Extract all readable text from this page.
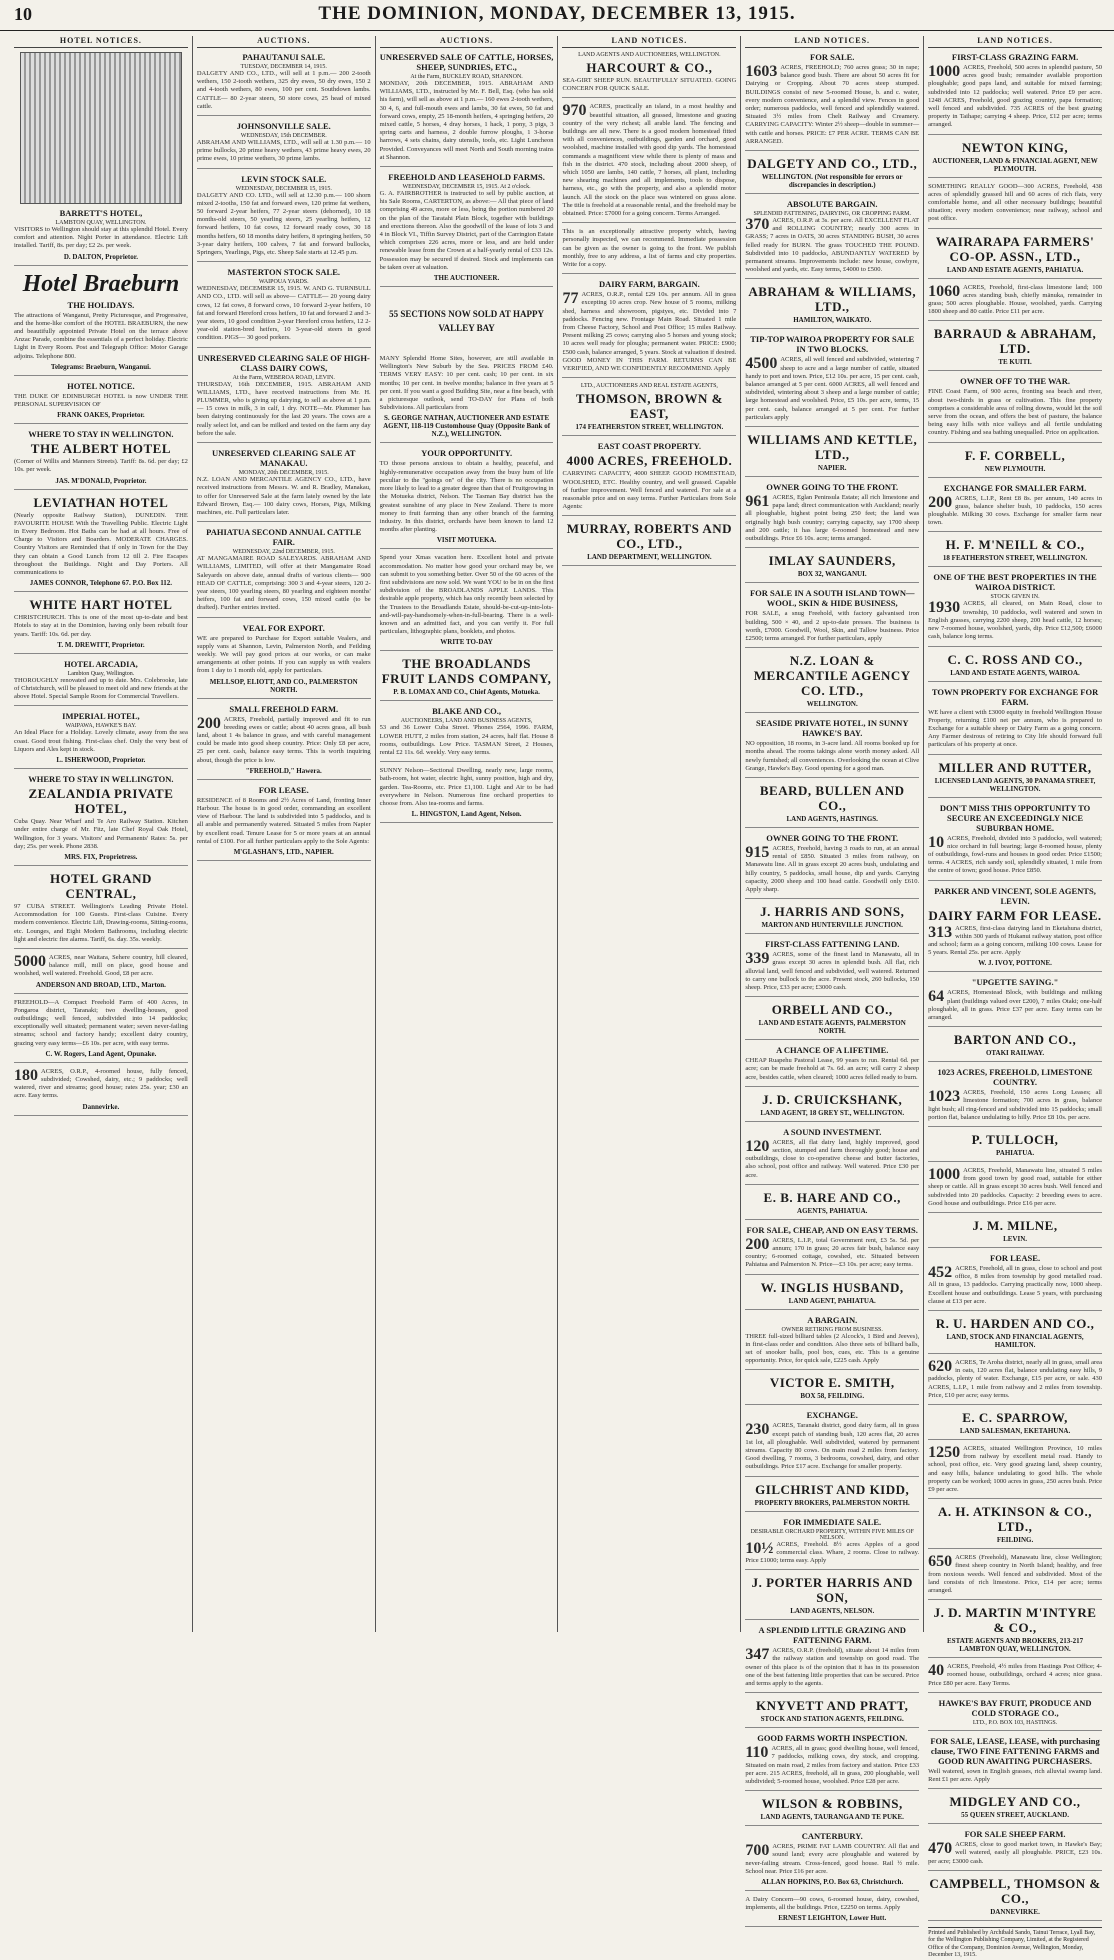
10	THE DOMINION, MONDAY, DECEMBER 13, 1915.
HOTEL NOTICES.
BARRETT'S HOTEL,
LAMBTON QUAY, WELLINGTON.
VISITORS to Wellington should stay at this splendid Hotel. Every comfort and attention. Night Porter in attendance. Electric Lift installed. Tariff, 8s. per day; £2 2s. per week.
D. DALTON, Proprietor.
Hotel Braeburn
THE HOLIDAYS.
The attractions of Wanganui, Pretty Picturesque, and Progressive, and the home-like comfort of the HOTEL BRAEBURN, the new and beautifully appointed Private Hotel on the terrace above Anzac Parade, combine the essentials of a perfect holiday. Electric Light in Every Room. Post and Telegraph Office: Motor Garage adjoins. Telephone 800.
Telegrams: Braeburn, Wanganui.
HOTEL NOTICE.
THE DUKE OF EDINBURGH HOTEL is now UNDER THE PERSONAL SUPERVISION OF
FRANK OAKES, Proprietor.
WHERE TO STAY IN WELLINGTON.
THE ALBERT HOTEL
(Corner of Willis and Manners Streets). Tariff: 8s. 6d. per day; £2 10s. per week.
JAS. M'DONALD, Proprietor.
LEVIATHAN HOTEL
(Nearly opposite Railway Station), DUNEDIN. THE FAVOURITE HOUSE With the Travelling Public. Electric Light in Every Bedroom. Hot Baths can be had at all hours. Free of Charge to Visitors and Boarders. MODERATE CHARGES. Country Visitors are Reminded that if only in Town for the Day they can obtain a Good Lunch from 12 till 2. Fire Escapes throughout the Buildings. Night and Day Porters. All communications to
JAMES CONNOR, Telephone 67. P.O. Box 112.
WHITE HART HOTEL
CHRISTCHURCH. This is one of the most up-to-date and best Hotels to stay at in the Dominion, having only been rebuilt four years. Tariff: 10s. 6d. per day.
T. M. DREWITT, Proprietor.
HOTEL ARCADIA,
Lambton Quay, Wellington.
THOROUGHLY renovated and up to date. Mrs. Colebrooke, late of Christchurch, will be pleased to meet old and new friends at the above Hotel. Special Sample Room for Commercial Travellers.
IMPERIAL HOTEL,
WAIPAWA, HAWKE'S BAY.
An Ideal Place for a Holiday. Lovely climate, away from the sea coast. Good trout fishing. First-class chef. Only the very best of Liquors and Ales kept in stock.
L. ISHERWOOD, Proprietor.
WHERE TO STAY IN WELLINGTON.
ZEALANDIA PRIVATE HOTEL,
Cuba Quay. Near Wharf and Te Aro Railway Station. Kitchen under entire charge of Mr. Fitz, late Chef Royal Oak Hotel, Wellington, for 3 years. Visitors' and Permanents' Rates: 5s. per day; 25s. per week. Phone 2838.
MRS. FIX, Proprietress.
HOTEL GRAND CENTRAL,
97 CUBA STREET. Wellington's Leading Private Hotel. Accommodation for 100 Guests. First-class Cuisine. Every modern convenience. Electric Lift, Drawing-rooms, Sitting-rooms, etc. Lounges, and Eight Modern Bathrooms, including electric light and electric fire alarms. Tariff, 6s. day. 35s. weekly.
5000 ACRES, near Waitara, Sehere country, hill cleared, balance mill, mill on place, good house and woolshed, well watered. Freehold. Good, £8 per acre.
ANDERSON AND BROAD, LTD., Marton.
FREEHOLD—A Compact Freehold Farm of 400 Acres, in Pongaroa district, Taranaki; two dwelling-houses, good outbuildings; well fenced, subdivided into 14 paddocks; exceptionally well situated; permanent water; seven never-failing streams; school and factory handy; excellent dairy country, grazing very easy terms—£6 10s. per acre, with easy terms.
C. W. Rogers, Land Agent, Opunake.
180 ACRES, O.R.P., 4-roomed house, fully fenced, subdivided; Cowshed, dairy, etc.; 9 paddocks; well watered, river and streams; good house; rates 25s. year; £30 an acre. Easy terms.
Dannevirke.
AUCTIONS.
PAHAUTANUI SALE.
TUESDAY, DECEMBER 14, 1915.
DALGETY AND CO., LTD., will sell at 1 p.m.— 200 2-tooth wethers, 150 2-tooth wethers, 325 dry ewes, 50 dry ewes, 150 2 and 4-tooth wethers, 80 ewes, 100 per cent. Southdown lambs. CATTLE— 80 2-year steers, 50 store cows, 25 head of mixed cattle.
JOHNSONVILLE SALE.
WEDNESDAY, 15th DECEMBER.
ABRAHAM AND WILLIAMS, LTD., will sell at 1.30 p.m.— 10 prime bullocks, 20 prime heavy wethers, 43 prime heavy ewes, 20 prime ewes, 10 prime wethers, 30 prime lambs.
LEVIN STOCK SALE.
WEDNESDAY, DECEMBER 15, 1915.
DALGETY AND CO. LTD., will sell at 12.30 p.m.— 100 shorn mixed 2-tooths, 150 fat and forward ewes, 120 prime fat wethers, 50 forward 2-year heifers, 77 2-year steers (dehorned), 10 18 months-old steers, 50 yearling steers, 25 yearling heifers, 12 forward heifers, 10 fat cows, 12 forward ready cows, 30 18 months heifers, 60 18 months dairy heifers, 8 springing heifers, 50 3-year dairy heifers, 100 calves, 7 fat and forward bullocks, Springers, Yearlings, Pigs, etc. Sheep Sale starts at 12.45 p.m.
MASTERTON STOCK SALE.
WAIPOUA YARDS.
WEDNESDAY, DECEMBER 15, 1915. W. AND G. TURNBULL AND CO., LTD. will sell as above— CATTLE— 20 young dairy cows, 12 fat cows, 8 forward cows, 10 forward 2-year heifers, 10 fat and forward Hereford cross heifers, 10 fat and forward 2 and 3-year steers, 10 good condition 2-year Hereford cross heifers, 12 2-year-old station-bred heifers, 10 3-year-old steers in good condition. PIGS— 30 good porkers.
UNRESERVED CLEARING SALE OF HIGH-CLASS DAIRY COWS,
At the Farm, WEBEROA ROAD, LEVIN.
THURSDAY, 16th DECEMBER, 1915. ABRAHAM AND WILLIAMS, LTD., have received instructions from Mr. H. PLUMMER, who is giving up dairying, to sell as above at 1 p.m.— 15 cows in milk, 3 in calf, 1 dry. NOTE—Mr. Plummer has been dairying continuously for the last 20 years. The cows are a really select lot, and can be milked and tested on the farm any day before the sale.
UNRESERVED CLEARING SALE AT MANAKAU.
MONDAY, 20th DECEMBER, 1915.
N.Z. LOAN AND MERCANTILE AGENCY CO., LTD., have received instructions from Messrs. W. and R. Bradley, Manakau, to offer for Unreserved Sale at the farm lately owned by the late Edward Brown, Esq.— 100 dairy cows, Horses, Pigs, Milking machines, etc. Full particulars later.
PAHIATUA SECOND ANNUAL CATTLE FAIR.
WEDNESDAY, 22nd DECEMBER, 1915.
AT MANGAMAIRE ROAD SALEYARDS. ABRAHAM AND WILLIAMS, LIMITED, will offer at their Mangamaire Road Saleyards on above date, annual drafts of various clients— 900 HEAD OF CATTLE, comprising: 300 3 and 4-year steers, 120 2-year steers, 100 yearling steers, 80 yearling and eighteen months' heifers, 100 fat and forward cows, 150 mixed cattle (to be drafted). Further entries invited.
VEAL FOR EXPORT.
WE are prepared to Purchase for Export suitable Vealers, and supply vans at Shannon, Levin, Palmerston North, and Feilding weekly. We will pay good prices at our works, or can make arrangements at other points. If you can supply us with vealers from 1 day to 1 month old, apply for particulars.
MELLSOP, ELIOTT, AND CO., PALMERSTON NORTH.
SMALL FREEHOLD FARM.
200 ACRES, Freehold, partially improved and fit to run breeding ewes or cattle; about 40 acres grass, all bush land, about 1 4s balance in grass, and with careful management could be made into good sheep country. Price: Only £8 per acre, 25 per cent. cash, balance easy terms. This is worth inquiring about, though the price is low.
"FREEHOLD," Hawera.
FOR LEASE.
RESIDENCE of 8 Rooms and 2½ Acres of Land, fronting Inner Harbour. The house is in good order, commanding an excellent view of Harbour. The land is subdivided into 5 paddocks, and is all arable and permanently watered. Situated 5 miles from Napier by excellent road. Tenure Lease for 5 or more years at an annual rental of £100. For all further particulars apply to the Sole Agents:
M'GLASHAN'S, LTD., NAPIER.
AUCTIONS.
UNRESERVED SALE OF CATTLE, HORSES, SHEEP, SUNDRIES, ETC.,
At the Farm, BUCKLEY ROAD, SHANNON.
MONDAY, 20th DECEMBER, 1915. ABRAHAM AND WILLIAMS, LTD., instructed by Mr. F. Bell, Esq. (who has sold his farm), will sell as above at 1 p.m.— 160 ewes 2-tooth wethers, 30 4, 6, and full-mouth ewes and lambs, 30 fat ewes, 50 fat and forward cows, empty, 25 18-month heifers, 4 springing heifers, 20 mixed cattle, 5 horses, 4 dray horses, 1 hack, 1 pony, 3 pigs, 3 spring carts and harness, 2 double furrow ploughs, 1 3-horse harrows, 4 sets chains, dairy utensils, tools, etc. Light Luncheon Provided. Conveyances will meet North and South morning trains at Shannon.
FREEHOLD AND LEASEHOLD FARMS.
WEDNESDAY, DECEMBER 15, 1915. At 2 o'clock.
G. A. FAIRBROTHER is instructed to sell by public auction, at his Sale Rooms, CARTERTON, as above:— All that piece of land comprising 49 acres, more or less, being the portion numbered 20 on the plan of the Taratahi Plain Block, together with buildings and erections thereon. Also the goodwill of the lease of lots 3 and 4 in Block VI., Tiffin Survey District, part of the Carrington Estate which comprises 226 acres, more or less, and are held under renewable lease from the Crown at a half-yearly rental of £33 12s. Possession may be secured if desired. Stock and implements can be taken over at valuation.
THE AUCTIONEER.
55 SECTIONS NOW SOLD AT HAPPY VALLEY BAY
MANY Splendid Home Sites, however, are still available in Wellington's New Suburb by the Sea. PRICES FROM £40. TERMS VERY EASY: 10 per cent. cash; 10 per cent. in six months; 10 per cent. in twelve months; balance in five years at 5 per cent. If you want a good Building Site, near a fine beach, with a picturesque outlook, send TO-DAY for Plans of both Subdivisions. All particulars from
S. GEORGE NATHAN, AUCTIONEER AND ESTATE AGENT, 118-119 Customhouse Quay (Opposite Bank of N.Z.), WELLINGTON.
YOUR OPPORTUNITY.
TO those persons anxious to obtain a healthy, peaceful, and highly-remunerative occupation away from the busy hum of life peculiar to the "goings on" of the city. There is no occupation more likely to lead to a greater degree than that of Fruitgrowing in the Motueka district, Nelson. The Tasman Bay district has the greatest sunshine of any place in New Zealand. There is more money to fruit farming than any other branch of the farming industry. In this district, orchards have been known to land 12 months after planting.
VISIT MOTUEKA.
Spend your Xmas vacation here. Excellent hotel and private accommodation. No matter how good your orchard may be, we can submit to you something better. Over 50 of the 60 acres of the first subdivisions are now sold. We want YOU to be in on the first subdivision of the BROADLANDS APPLE LANDS. This desirable apple property, which has only recently been selected by the Trustees to the Broadlands Estate, should-be-cut-up-into-lots-and-will-pay-handsomely-when-in-full-bearing. There is a well-known and an admitted fact, and you can verify it. For full particulars, lithographic plans, booklets, and photos.
WRITE TO-DAY
THE BROADLANDS FRUIT LANDS COMPANY,
P. B. LOMAX AND CO., Chief Agents, Motueka.
BLAKE AND CO.,
AUCTIONEERS, LAND AND BUSINESS AGENTS,
53 and 36 Lower Cuba Street. 'Phones 2564, 1996. FARM, LOWER HUTT, 2 miles from station, 24 acres, half flat. House 8 rooms, outbuildings. Low Price. TASMAN Street, 2 Houses, rental £2 11s. 6d. weekly. Very easy terms.
SUNNY Nelson—Sectional Dwelling, nearly new, large rooms, bath-room, hot water, electric light, sunny position, high and dry, garden. Tea-Rooms, etc. Price £1,100. Light and Air to be had everywhere in Nelson. Numerous fine orchard properties to choose from. Also tea-rooms and farms.
L. HINGSTON, Land Agent, Nelson.
LAND NOTICES.
LAND AGENTS AND AUCTIONEERS, WELLINGTON.
HARCOURT & CO.,
SEA-GIRT SHEEP RUN. BEAUTIFULLY SITUATED. GOING CONCERN FOR QUICK SALE.
970 ACRES, practically an island, in a most healthy and beautiful situation, all grassed, limestone and grazing country of the very richest; all arable land. The fencing and buildings are all new. There is a good modern homestead fitted with all conveniences, outbuildings, garden and orchard, good woolshed, machine installed with good dip yards. The homestead commands a magnificent view while there is plenty of mass and fish in the district. 470 stock, including about 2000 sheep, of which 1050 are lambs, 140 cattle, 7 horses, all plant, including new shearing machines and all implements, tools to dispose, harness, etc., go with the property, and also a splendid motor launch. All the stock on the place was wintered on grass alone. The title is freehold at a reasonable rental, and the freehold may be obtained. Price: £7000 for a going concern. Terms Arranged.
This is an exceptionally attractive property which, having personally inspected, we can recommend. Immediate possession can be given as the owner is going to the front. We publish monthly, free to any address, a list of farms and city properties. Write for a copy.
DAIRY FARM, BARGAIN.
77 ACRES, O.R.P., rental £29 10s. per annum. All in grass excepting 10 acres crop. New house of 5 rooms, milking shed, harness and showroom, pigstyes, etc. Divided into 7 paddocks. Fencing new. Frontage Main Road. Situated 1 mile from Cheese Factory, School and Post Office; 15 miles Railway. Present milking 25 cows; carrying also 5 horses and young stock; 10 acres well ready for ploughs; permanent water. PRICE: £900; £500 cash, balance arranged, 5 years. Stock at valuation if desired. GOOD MONEY IN THIS FARM. RETURNS CAN BE VERIFIED, AND WE CONFIDENTLY RECOMMEND. Apply
LTD., AUCTIONEERS AND REAL ESTATE AGENTS,
THOMSON, BROWN & EAST,
174 FEATHERSTON STREET, WELLINGTON.
EAST COAST PROPERTY.
4000 ACRES, FREEHOLD.
CARRYING CAPACITY, 4000 SHEEP. GOOD HOMESTEAD, WOOLSHED, ETC. Healthy country, and well grassed. Capable of further improvement. Well fenced and watered. For sale at a reasonable price and on easy terms. Further Particulars from Sole Agents:
MURRAY, ROBERTS AND CO., LTD.,
LAND DEPARTMENT, WELLINGTON.
LAND NOTICES.
FOR SALE.
1603 ACRES, FREEHOLD; 760 acres grass; 30 in rape; balance good bush. There are about 50 acres fit for Dairying or Cropping. About 70 acres steep stumped. BUILDINGS consist of new 5-roomed House, b. and c. water, every modern convenience, and a splendid view. Fences in good order; numerous paddocks, well fenced and splendidly watered. Situated 3½ miles from Chelt Railway and Creamery. CARRYING CAPACITY: Winter 2½ sheep—double in summer—with cattle and horses. PRICE: £7 PER ACRE. TERMS CAN BE ARRANGED.
DALGETY AND CO., LTD.,
WELLINGTON. (Not responsible for errors or discrepancies in description.)
ABSOLUTE BARGAIN.
SPLENDID FATTENING, DAIRYING, OR CROPPING FARM.
370 ACRES, O.R.P. at 3s. per acre. All EXCELLENT FLAT and ROLLING COUNTRY; nearly 300 acres in GRASS; 7 acres in OATS, 30 acres STANDING BUSH, 30 acres felled ready for BURN. The grass TOUCHED THE POUND. Subdivided into 10 paddocks, ABUNDANTLY WATERED by permanent streams. Improvements include: new house, cowbyre, woolshed and yards, etc. Easy terms, £4000 to £500.
ABRAHAM & WILLIAMS, LTD.,
HAMILTON, WAIKATO.
TIP-TOP WAIROA PROPERTY FOR SALE IN TWO BLOCKS.
4500 ACRES, all well fenced and subdivided, wintering 7 sheep to acre and a large number of cattle, situated handy to port and town. Price, £12 10s. per acre, 15 per cent. cash, balance arranged at 5 per cent. 6000 ACRES, all well fenced and subdivided, wintering about 3 sheep and a large number of cattle; large homestead and woolshed. Price, £5 10s. per acre, terms, 15 per cent. cash, balance arranged at 5 per cent. For further particulars apply
WILLIAMS AND KETTLE, LTD.,
NAPIER.
OWNER GOING TO THE FRONT.
961 ACRES, Eglan Peninsula Estate; all rich limestone and papa land; direct communication with Auckland; nearly all ploughable, highest point being 250 feet; the land was originally high bush country; carrying capacity, say 1700 sheep and 200 cattle; it has large 6-roomed homestead and new outbuildings. Price £6 10s. acre; terms arranged.
IMLAY SAUNDERS,
BOX 32, WANGANUI.
FOR SALE IN A SOUTH ISLAND TOWN—WOOL, SKIN & HIDE BUSINESS,
FOR SALE, a snug Freehold, with factory galvanised iron building, 500 × 40, and 2 up-to-date presses. The business is worth, £7000. Goodwill, Wool, Skin, and Tallow business. Price £2500; terms arranged. For further particulars, apply
N.Z. LOAN & MERCANTILE AGENCY CO. LTD.,
WELLINGTON.
SEASIDE PRIVATE HOTEL, IN SUNNY HAWKE'S BAY.
NO opposition, 18 rooms, in 3-acre land. All rooms booked up for months ahead. The rooms takings alone worth money asked. All newly furnished; all conveniences. Overlooking the ocean at Clive Grange, Hawke's Bay. Good opening for a good man.
BEARD, BULLEN AND CO.,
LAND AGENTS, HASTINGS.
OWNER GOING TO THE FRONT.
915 ACRES, Freehold, having 3 roads to run, at an annual rental of £850. Situated 3 miles from railway, on Manawatu line. All in grass except 20 acres bush, undulating and hilly country, 5 paddocks, small house, dip and yards. Carrying capacity, 2000 sheep and 100 head cattle. Goodwill only £610. Apply sharp.
J. HARRIS AND SONS,
MARTON AND HUNTERVILLE JUNCTION.
FIRST-CLASS FATTENING LAND.
339 ACRES, some of the finest land in Manawatu, all in grass except 30 acres in splendid bush. All flat, rich alluvial land, well fenced and subdivided, well watered. Returned to carry one bullock to the acre. Present stock, 260 bullocks, 150 sheep. Price, £33 per acre; £3000 cash.
ORBELL AND CO.,
LAND AND ESTATE AGENTS, PALMERSTON NORTH.
A CHANCE OF A LIFETIME.
CHEAP Ruapehu Pastoral Lease, 99 years to run. Rental 6d. per acre; can be made freehold at 7s. 6d. an acre; will carry 2 sheep acre, besides cattle, when cleared; 1000 acres felled ready to burn.
J. D. CRUICKSHANK,
LAND AGENT, 18 GREY ST., WELLINGTON.
A SOUND INVESTMENT.
120 ACRES, all flat dairy land, highly improved, good section, stumped and farm thoroughly good; house and outbuildings, close to co-operative cheese and butter factories, also school, post office and railway. Well watered. Price £30 per acre.
E. B. HARE AND CO.,
AGENTS, PAHIATUA.
FOR SALE, CHEAP, AND ON EASY TERMS.
200 ACRES, L.I.P., total Government rent, £3 5s. 5d. per annum; 170 in grass; 20 acres fair bush, balance easy country; 6-roomed cottage, cowshed, etc. Situated between Pahiatua and Palmerston N. Price—£3 10s. per acre; easy terms.
W. INGLIS HUSBAND,
LAND AGENT, PAHIATUA.
A BARGAIN.
OWNER RETIRING FROM BUSINESS.
THREE full-sized billiard tables (2 Alcock's, 1 Bird and Jeeves), in first-class order and condition. Also three sets of billiard balls, set of snooker balls, pool box, cues, etc. This is a genuine opportunity. Price, for quick sale, £225 cash. Apply
VICTOR E. SMITH,
BOX 58, FEILDING.
EXCHANGE.
230 ACRES, Taranaki district, good dairy farm, all in grass except patch of standing bush, 120 acres flat, 20 acres 1st lot, all ploughable. Well subdivided, watered by permanent streams. Capacity 80 cows. On main road 2 miles from factory. Good dwelling, 7 rooms, 3 bedrooms, cowshed, dairy, and other outbuildings. Price £17 acre. Exchange for smaller property.
GILCHRIST AND KIDD,
PROPERTY BROKERS, PALMERSTON NORTH.
FOR IMMEDIATE SALE.
DESIRABLE ORCHARD PROPERTY, WITHIN FIVE MILES OF NELSON.
10½ ACRES, Freehold. 8½ acres Apples of a good commercial class. Whare, 2 rooms. Close to railway. Price £1000; terms easy. Apply
J. PORTER HARRIS AND SON,
LAND AGENTS, NELSON.
A SPLENDID LITTLE GRAZING AND FATTENING FARM.
347 ACRES, O.R.P. (freehold), situate about 14 miles from the railway station and township on good road. The owner of this place is of the opinion that it has in its possession one of the best fattening little properties that can be secured. Price and terms apply to the agents.
KNYVETT AND PRATT,
STOCK AND STATION AGENTS, FEILDING.
GOOD FARMS WORTH INSPECTION.
110 ACRES, all in grass; good dwelling house, well fenced, 7 paddocks, milking cows, dry stock, and cropping. Situated on main road, 2 miles from factory and station. Price £33 per acre. 215 ACRES, freehold, all in grass, 200 ploughable, well subdivided; 5-roomed house, woolshed. Price £28 per acre.
WILSON & ROBBINS,
LAND AGENTS, TAURANGA AND TE PUKE.
CANTERBURY.
700 ACRES, PRIME FAT LAMB COUNTRY. All flat and sound land; every acre ploughable and watered by never-failing stream. Cross-fenced, good house. Rail ½ mile. School near. Price £16 per acre.
ALLAN HOPKINS, P.O. Box 63, Christchurch.
A Dairy Concern—90 cows, 6-roomed house, dairy, cowshed, implements, all the buildings. Price, £2250 on terms. Apply
ERNEST LEIGHTON, Lower Hutt.
LAND NOTICES.
FIRST-CLASS GRAZING FARM.
1000 ACRES, Freehold, 500 acres in splendid pasture, 50 acres good bush; remainder available proportion ploughable; good paps land, and suitable for mixed farming; subdivided into 12 paddocks; well watered. Price £9 per acre. 1248 ACRES, Freehold, good grazing country, papa formation; well fenced and subdivided. 735 ACRES of the best grazing property in Taihape; carrying 4 sheep. Price, £12 per acre; terms arranged.
NEWTON KING,
AUCTIONEER, LAND & FINANCIAL AGENT, NEW PLYMOUTH.
SOMETHING REALLY GOOD—300 ACRES, Freehold, 438 acres of splendidly grassed hill and 60 acres of rich flats, very comfortable home, and all other necessary buildings; beautiful situation; every modern convenience; near railway, school and post office.
WAIRARAPA FARMERS' CO-OP. ASSN., LTD.,
LAND AND ESTATE AGENTS, PAHIATUA.
1060 ACRES, Freehold, first-class limestone land; 100 acres standing bush, chiefly mānuka, remainder in grass; 500 acres ploughable. House, woolshed, yards. Carrying 1800 sheep and 80 cattle. Price £11 per acre.
BARRAUD & ABRAHAM, LTD.
TE KUITI.
OWNER OFF TO THE WAR.
FINE Coast Farm, of 900 acres, fronting sea beach and river, about two-thirds in grass or cultivation. This fine property comprises a considerable area of rolling downs, would let the soil serve from the ocean, and offers the best of pasture, the balance being easy hills with nice valleys and all fertile undulating country. Fishing and sea bathing unequalled. Price on application.
F. F. CORBELL,
NEW PLYMOUTH.
EXCHANGE FOR SMALLER FARM.
200 ACRES, L.I.P., Rent £8 8s. per annum, 140 acres in grass, balance shelter bush, 10 paddocks, 150 acres ploughable. Milking 30 cows. Exchange for smaller farm near town.
H. F. M'NEILL & CO.,
18 FEATHERSTON STREET, WELLINGTON.
ONE OF THE BEST PROPERTIES IN THE WAIROA DISTRICT.
STOCK GIVEN IN.
1930 ACRES, all cleared, on Main Road, close to township, 10 paddocks, well watered and sown in English grasses, carrying 2200 sheep, 200 head cattle, 12 horses; new 7-roomed house, woolshed, yards, dip. Price £12,500; £6000 cash, balance long terms.
C. C. ROSS AND CO.,
LAND AND ESTATE AGENTS, WAIROA.
TOWN PROPERTY FOR EXCHANGE FOR FARM.
WE have a client with £3000 equity in freehold Wellington House Property, returning £100 net per annum, who is prepared to Exchange for a suitable sheep or Dairy Farm as a going concern. Any Farmer desirous of retiring to City life should forward full particulars of his property at once.
MILLER AND RUTTER,
LICENSED LAND AGENTS, 30 PANAMA STREET, WELLINGTON.
DON'T MISS THIS OPPORTUNITY TO SECURE AN EXCEEDINGLY NICE SUBURBAN HOME.
10 ACRES, Freehold, divided into 3 paddocks, well watered; nice orchard in full bearing; large 8-roomed house, plenty of outbuildings, fowl-runs and houses in good order. Price £1500; terms. 4 ACRES, rich sandy soil, splendidly situated, 1 mile from the centre of town; good house. Price £850.
PARKER AND VINCENT, SOLE AGENTS, LEVIN.
DAIRY FARM FOR LEASE.
313 ACRES, first-class dairying land in Eketahuna district, within 300 yards of Hukanui railway station, post office and school; farm as a going concern, milking 100 cows. Lease for 5 years. Rental 25s. per acre. Apply
W. J. IVOY, POTTONE.
"UPGETTE SAYING."
64 ACRES, Homestead Block, with buildings and milking plant (buildings valued over £200), 7 miles Otaki; one-half ploughable, all in grass. Price £37 per acre. Easy terms can be arranged.
BARTON AND CO.,
OTAKI RAILWAY.
1023 ACRES, FREEHOLD, LIMESTONE COUNTRY.
1023 ACRES, Freehold, 150 acres Long Leases; all limestone formation; 700 acres in grass, balance light bush; all ring-fenced and subdivided into 15 paddocks; small portion flat, balance undulating to hilly. Price £8 10s. per acre.
P. TULLOCH,
PAHIATUA.
1000 ACRES, Freehold, Manawatu line, situated 5 miles from good town by good road, suitable for either sheep or cattle. All in grass except 30 acres bush. Well fenced and subdivided into 20 paddocks. Capacity: 2 breeding ewes to acre. Good house and outbuildings. Price £16 per acre.
J. M. MILNE,
LEVIN.
FOR LEASE.
452 ACRES, Freehold, all in grass, close to school and post office, 8 miles from township by good metalled road. All in grass, 13 paddocks. Carrying practically now, 1000 sheep. Excellent house and outbuildings. Lease 5 years, with purchasing clause at £13 per acre.
R. U. HARDEN AND CO.,
LAND, STOCK AND FINANCIAL AGENTS, HAMILTON.
620 ACRES, Te Aroha district, nearly all in grass, small area in oats, 120 acres flat, balance undulating easy hills, 9 paddocks, plenty of water. Exchange, £15 per acre, or sale. 430 ACRES, L.I.P., 1 mile from railway and 2 miles from township. Price, £10 per acre; easy terms.
E. C. SPARROW,
LAND SALESMAN, EKETAHUNA.
1250 ACRES, situated Wellington Province, 10 miles from railway by excellent metal road. Handy to school, post office, etc. Very good grazing land, sheep country, and easy hills, balance undulating to good hills. The whole property can be worked; 1000 acres in grass, 250 acres bush. Price £9 per acre.
A. H. ATKINSON & CO., LTD.,
FEILDING.
650 ACRES (Freehold), Manawatu line, close Wellington; finest sheep country in North Island; healthy, and free from noxious weeds. Well fenced and subdivided. Most of the land consists of rich limestone. Price, £14 per acre; terms arranged.
J. D. MARTIN M'INTYRE & CO.,
ESTATE AGENTS AND BROKERS, 213-217 LAMBTON QUAY, WELLINGTON.
40 ACRES, Freehold, 4½ miles from Hastings Post Office; 4-roomed house, outbuildings, orchard 4 acres; nice grass. Price £80 per acre. Easy Terms.
HAWKE'S BAY FRUIT, PRODUCE AND COLD STORAGE CO.,
LTD., P.O. BOX 103, HASTINGS.
FOR SALE, LEASE, LEASE, with purchasing clause, TWO FINE FATTENING FARMS and GOOD RUN AWAITING PURCHASERS.
Well watered, sown in English grasses, rich alluvial swamp land. Rent £1 per acre. Apply
MIDGLEY AND CO.,
55 QUEEN STREET, AUCKLAND.
FOR SALE SHEEP FARM.
470 ACRES, close to good market town, in Hawke's Bay; well watered, easily all ploughable. PRICE, £23 10s. per acre; £3000 cash.
CAMPBELL, THOMSON & CO.,
DANNEVIRKE.
Printed and Published by Archibald Sando, Tainui Terrace, Lyall Bay, for the Wellington Publishing Company, Limited, at the Registered Office of the Company, Dominion Avenue, Wellington, Monday, December 13, 1915.
